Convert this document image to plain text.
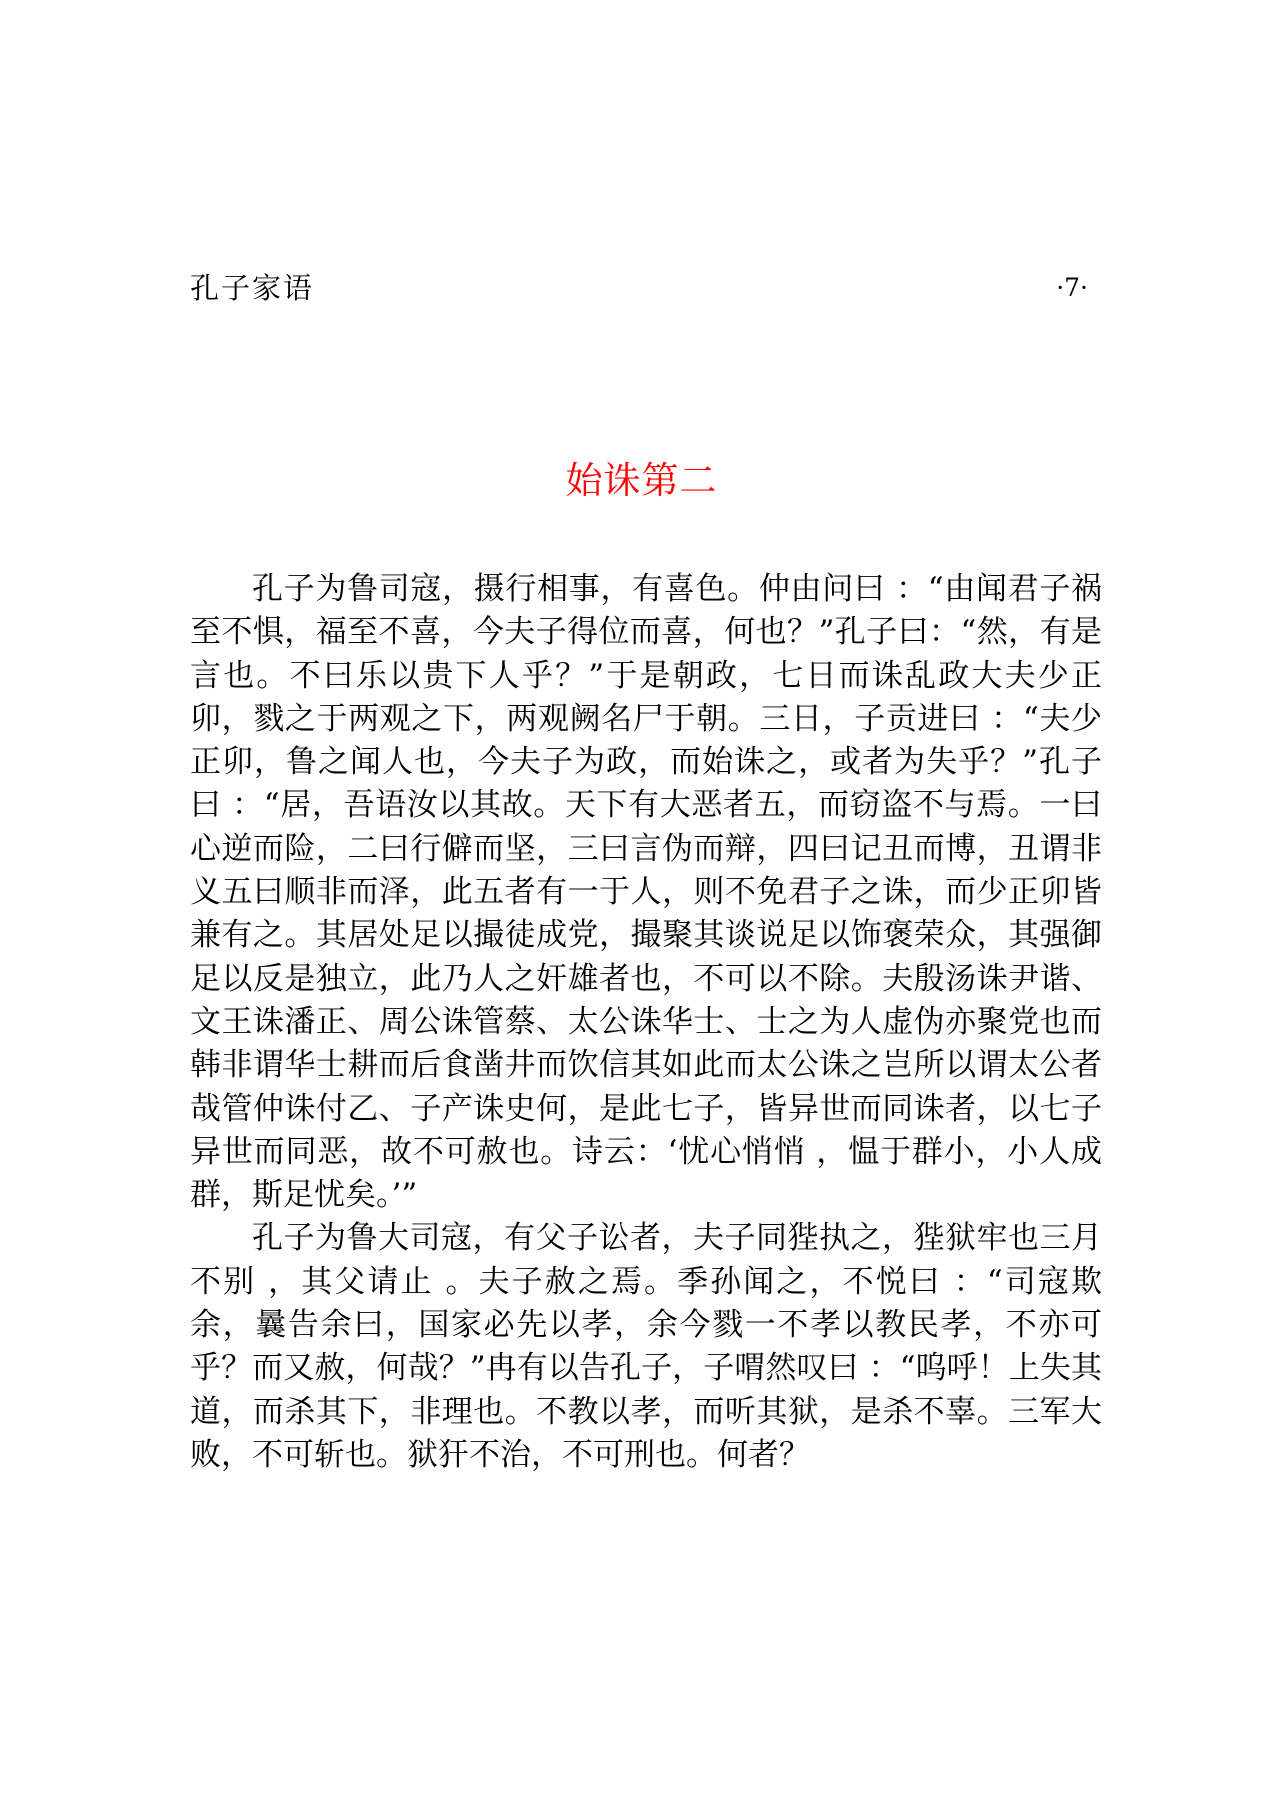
孔子家语	·7·
始诛第二

孔子为鲁司寇，摄行相事，有喜色。仲由问曰 ：“由闻君子祸至不惧，福至不喜，今夫子得位而喜，何也？”孔子曰：“然，有是言也。不曰乐以贵下人乎？”于是朝政，七日而诛乱政大夫少正卯，戮之于两观之下，两观阙名尸于朝。三日，子贡进曰 ：“夫少正卯，鲁之闻人也，今夫子为政，而始诛之，或者为失乎？”孔子曰 ：“居，吾语汝以其故。天下有大恶者五，而窃盗不与焉。一曰心逆而险，二曰行僻而坚，三曰言伪而辩，四曰记丑而博，丑谓非义五曰顺非而泽，此五者有一于人，则不免君子之诛，而少正卯皆兼有之。其居处足以撮徒成党，撮聚其谈说足以饰褒荣众，其强御足以反是独立，此乃人之奸雄者也，不可以不除。夫殷汤诛尹谐、文王诛潘正、周公诛管蔡、太公诛华士、士之为人虚伪亦聚党也而韩非谓华士耕而后食凿井而饮信其如此而太公诛之岂所以谓太公者哉管仲诛付乙、子产诛史何，是此七子，皆异世而同诛者，以七子异世而同恶，故不可赦也。诗云：‘忧心悄悄 ，愠于群小，小人成群，斯足忧矣。’”

孔子为鲁大司寇，有父子讼者，夫子同狴执之，狴狱牢也三月不别 ，其父请止 。夫子赦之焉。季孙闻之，不悦曰 ：“司寇欺余，曩告余曰，国家必先以孝，余今戮一不孝以教民孝，不亦可乎？而又赦，何哉？”冉有以告孔子，子喟然叹曰 ：“呜呼！上失其道，而杀其下，非理也。不教以孝，而听其狱，是杀不辜。三军大败，不可斩也。狱犴不治，不可刑也。何者？
